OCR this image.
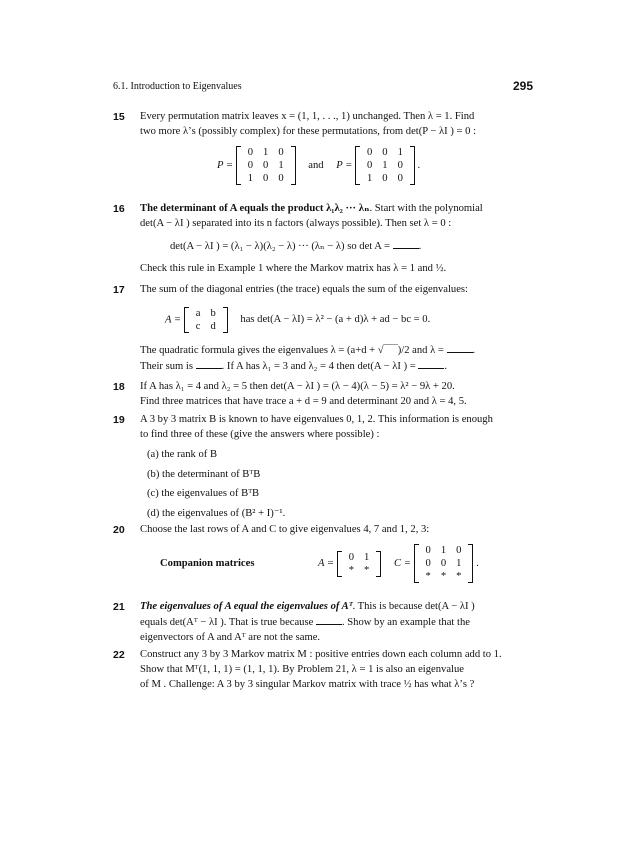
6.1. Introduction to Eigenvalues	295
15 Every permutation matrix leaves x = (1, 1, . . ., 1) unchanged. Then λ = 1. Find
two more λ’s (possibly complex) for these permutations, from det(P − λI ) = 0 :

P =
0	1	0
0	0	1
1	0	0
and P =
0	0	1
0	1	0
1	0	0
.
16 The determinant of A equals the product λ₁λ₂ ··· λₙ. Start with the polynomial
det(A − λI ) separated into its n factors (always possible). Then set λ = 0 :

det(A − λI ) = (λ₁ − λ)(λ₂ − λ) ··· (λₙ − λ) so det A =	.

Check this rule in Example 1 where the Markov matrix has λ = 1 and ½.

17 The sum of the diagonal entries (the trace) equals the sum of the eigenvalues:

A =
a	b
c	d
has det(A − λI) = λ² − (a + d)λ + ad − bc = 0.

The quadratic formula gives the eigenvalues λ = (a+d + √‾‾‾‾)/2 and λ =	.
Their sum is	. If A has λ₁ = 3 and λ₂ = 4 then det(A − λI ) =	.

18 If A has λ₁ = 4 and λ₂ = 5 then det(A − λI ) = (λ − 4)(λ − 5) = λ² − 9λ + 20.
Find three matrices that have trace a + d = 9 and determinant 20 and λ = 4, 5.

19 A 3 by 3 matrix B is known to have eigenvalues 0, 1, 2. This information is enough
to find three of these (give the answers where possible) :

(a) the rank of B
(b) the determinant of BᵀB
(c) the eigenvalues of BᵀB
(d) the eigenvalues of (B² + I)⁻¹.
20 Choose the last rows of A and C to give eigenvalues 4, 7 and 1, 2, 3:

Companion matrices	A =
0	1
*	*
C =
0	1	0
0	0	1
*	*	*
.
21 The eigenvalues of A equal the eigenvalues of Aᵀ. This is because det(A − λI )
equals det(Aᵀ − λI ). That is true because	. Show by an example that the
eigenvectors of A and Aᵀ are not the same.

22 Construct any 3 by 3 Markov matrix M : positive entries down each column add to 1.
Show that Mᵀ(1, 1, 1) = (1, 1, 1). By Problem 21, λ = 1 is also an eigenvalue
of M . Challenge: A 3 by 3 singular Markov matrix with trace ½ has what λ’s ?
